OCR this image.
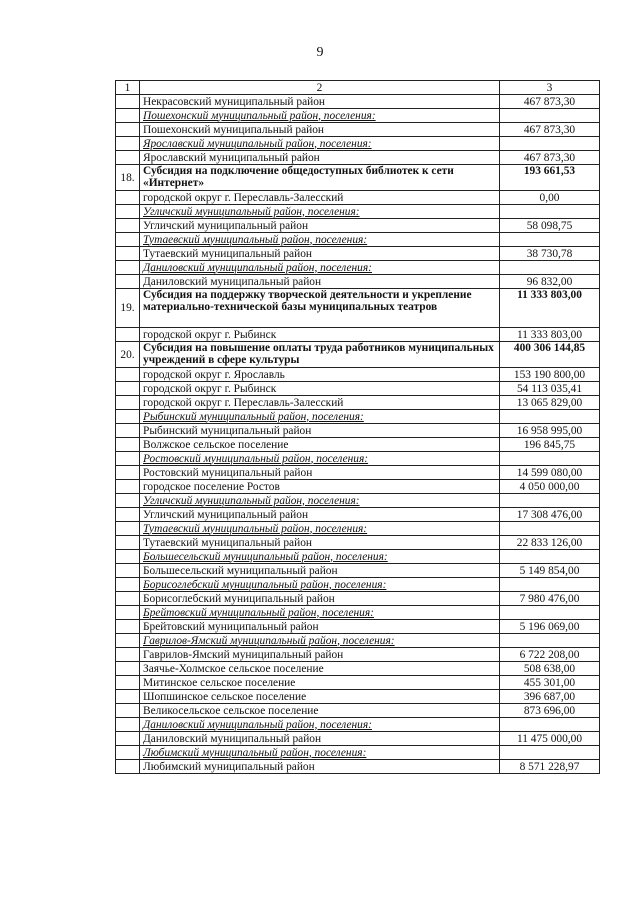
9
1	2	3
	Некрасовский муниципальный район	467 873,30
	Пошехонский муниципальный район, поселения:	
	Пошехонский муниципальный район	467 873,30
	Ярославский муниципальный район, поселения:	
	Ярославский муниципальный район	467 873,30
18.	Субсидия на подключение общедоступных библиотек к сети «Интернет»	193 661,53
	городской округ г. Переславль-Залесский	0,00
	Угличский муниципальный район, поселения:	
	Угличский муниципальный район	58 098,75
	Тутаевский муниципальный район, поселения:	
	Тутаевский муниципальный район	38 730,78
	Даниловский муниципальный район, поселения:	
	Даниловский муниципальный район	96 832,00
19.	Субсидия на поддержку творческой деятельности и укрепление материально-технической базы муниципальных театров	11 333 803,00
	городской округ г. Рыбинск	11 333 803,00
20.	Субсидия на повышение оплаты труда работников муниципальных учреждений в сфере культуры	400 306 144,85
	городской округ г. Ярославль	153 190 800,00
	городской округ г. Рыбинск	54 113 035,41
	городской округ г. Переславль-Залесский	13 065 829,00
	Рыбинский муниципальный район, поселения:	
	Рыбинский муниципальный район	16 958 995,00
	Волжское сельское поселение	196 845,75
	Ростовский муниципальный район, поселения:	
	Ростовский муниципальный район	14 599 080,00
	городское поселение Ростов	4 050 000,00
	Угличский муниципальный район, поселения:	
	Угличский муниципальный район	17 308 476,00
	Тутаевский муниципальный район, поселения:	
	Тутаевский муниципальный район	22 833 126,00
	Большесельский муниципальный район, поселения:	
	Большесельский муниципальный район	5 149 854,00
	Борисоглебский муниципальный район, поселения:	
	Борисоглебский муниципальный район	7 980 476,00
	Брейтовский муниципальный район, поселения:	
	Брейтовский муниципальный район	5 196 069,00
	Гаврилов-Ямский муниципальный район, поселения:	
	Гаврилов-Ямский муниципальный район	6 722 208,00
	Заячье-Холмское сельское поселение	508 638,00
	Митинское сельское поселение	455 301,00
	Шопшинское сельское поселение	396 687,00
	Великосельское сельское поселение	873 696,00
	Даниловский муниципальный район, поселения:	
	Даниловский муниципальный район	11 475 000,00
	Любимский муниципальный район, поселения:	
	Любимский муниципальный район	8 571 228,97
